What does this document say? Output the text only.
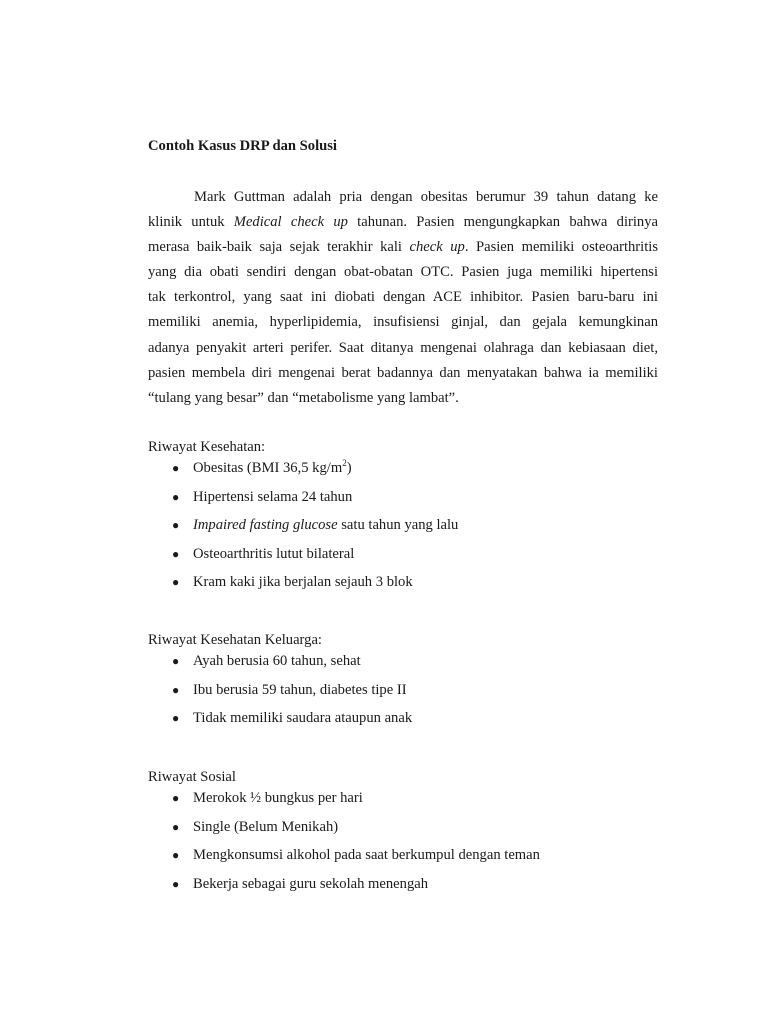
Contoh Kasus DRP dan Solusi
Mark Guttman adalah pria dengan obesitas berumur 39 tahun datang ke
klinik untuk Medical check up tahunan. Pasien mengungkapkan bahwa dirinya
merasa baik-baik saja sejak terakhir kali check up. Pasien memiliki osteoarthritis
yang dia obati sendiri dengan obat-obatan OTC. Pasien juga memiliki hipertensi
tak terkontrol, yang saat ini diobati dengan ACE inhibitor. Pasien baru-baru ini
memiliki anemia, hyperlipidemia, insufisiensi ginjal, dan gejala kemungkinan
adanya penyakit arteri perifer. Saat ditanya mengenai olahraga dan kebiasaan diet,
pasien membela diri mengenai berat badannya dan menyatakan bahwa ia memiliki
“tulang yang besar” dan “metabolisme yang lambat”.
Riwayat Kesehatan:
● Obesitas (BMI 36,5 $kg/m^2$)
● Hipertensi selama 24 tahun
● Impaired fasting glucose satu tahun yang lalu
● Osteoarthritis lutut bilateral
● Kram kaki jika berjalan sejauh 3 blok
Riwayat Kesehatan Keluarga:
● Ayah berusia 60 tahun, sehat
● Ibu berusia 59 tahun, diabetes tipe II
● Tidak memiliki saudara ataupun anak
Riwayat Sosial
● Merokok ½ bungkus per hari
● Single (Belum Menikah)
● Mengkonsumsi alkohol pada saat berkumpul dengan teman
● Bekerja sebagai guru sekolah menengah
